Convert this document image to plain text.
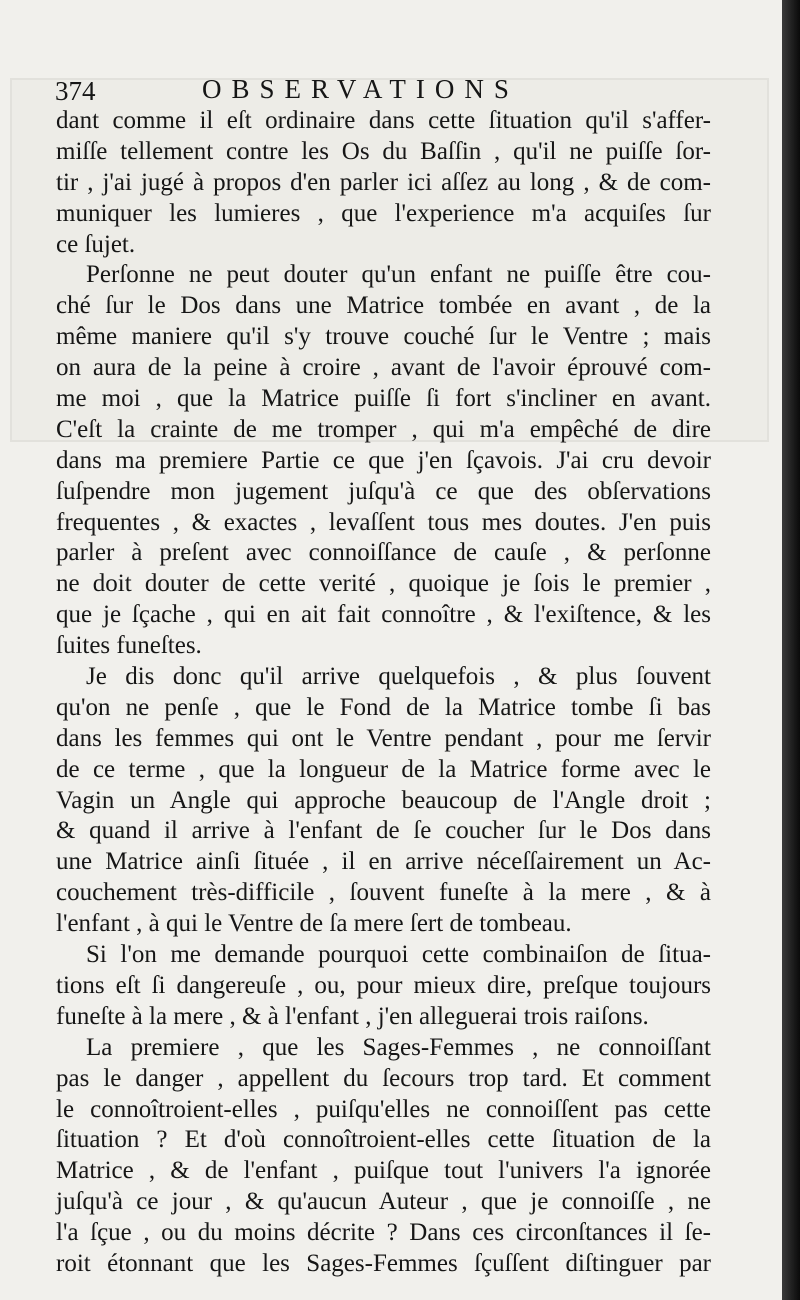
374	OBSERVATIONS
dant comme il eſt ordinaire dans cette ſituation qu'il s'affer-
miſſe tellement contre les Os du Baſſin , qu'il ne puiſſe ſor-
tir , j'ai jugé à propos d'en parler ici aſſez au long , & de com-
muniquer les lumieres , que l'experience m'a acquiſes ſur
ce ſujet.
Perſonne ne peut douter qu'un enfant ne puiſſe être cou-
ché ſur le Dos dans une Matrice tombée en avant , de la
même maniere qu'il s'y trouve couché ſur le Ventre ; mais
on aura de la peine à croire , avant de l'avoir éprouvé com-
me moi , que la Matrice puiſſe ſi fort s'incliner en avant.
C'eſt la crainte de me tromper , qui m'a empêché de dire
dans ma premiere Partie ce que j'en ſçavois. J'ai cru devoir
ſuſpendre mon jugement juſqu'à ce que des obſervations
frequentes , & exactes , levaſſent tous mes doutes. J'en puis
parler à preſent avec connoiſſance de cauſe , & perſonne
ne doit douter de cette verité , quoique je ſois le premier ,
que je ſçache , qui en ait fait connoître , & l'exiſtence, & les
ſuites funeſtes.
Je dis donc qu'il arrive quelquefois , & plus ſouvent
qu'on ne penſe , que le Fond de la Matrice tombe ſi bas
dans les femmes qui ont le Ventre pendant , pour me ſervir
de ce terme , que la longueur de la Matrice forme avec le
Vagin un Angle qui approche beaucoup de l'Angle droit ;
& quand il arrive à l'enfant de ſe coucher ſur le Dos dans
une Matrice ainſi ſituée , il en arrive néceſſairement un Ac-
couchement très-difficile , ſouvent funeſte à la mere , & à
l'enfant , à qui le Ventre de ſa mere ſert de tombeau.
Si l'on me demande pourquoi cette combinaiſon de ſitua-
tions eſt ſi dangereuſe , ou, pour mieux dire, preſque toujours
funeſte à la mere , & à l'enfant , j'en alleguerai trois raiſons.
La premiere , que les Sages-Femmes , ne connoiſſant
pas le danger , appellent du ſecours trop tard. Et comment
le connoîtroient-elles , puiſqu'elles ne connoiſſent pas cette
ſituation ? Et d'où connoîtroient-elles cette ſituation de la
Matrice , & de l'enfant , puiſque tout l'univers l'a ignorée
juſqu'à ce jour , & qu'aucun Auteur , que je connoiſſe , ne
l'a ſçue , ou du moins décrite ? Dans ces circonſtances il ſe-
roit étonnant que les Sages-Femmes ſçuſſent diſtinguer par
